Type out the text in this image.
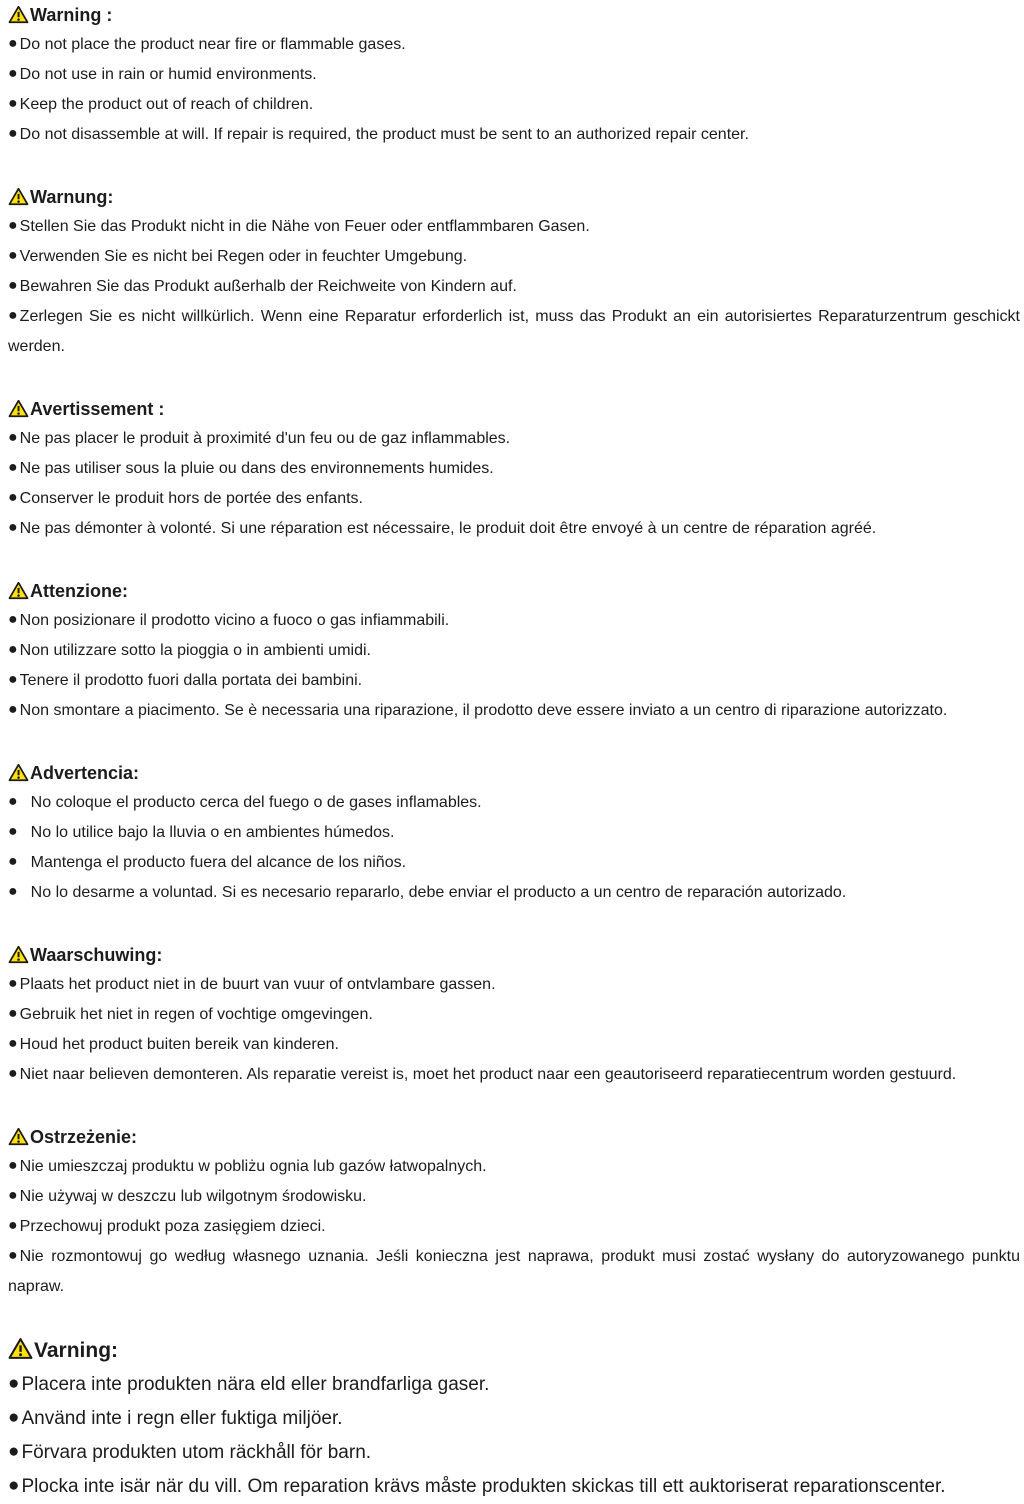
Warning :

● Do not place the product near fire or flammable gases.

● Do not use in rain or humid environments.

● Keep the product out of reach of children.

● Do not disassemble at will. If repair is required, the product must be sent to an authorized repair center.

Warnung:

● Stellen Sie das Produkt nicht in die Nähe von Feuer oder entflammbaren Gasen.

● Verwenden Sie es nicht bei Regen oder in feuchter Umgebung.

● Bewahren Sie das Produkt außerhalb der Reichweite von Kindern auf.

● Zerlegen Sie es nicht willkürlich. Wenn eine Reparatur erforderlich ist, muss das Produkt an ein autorisiertes Reparaturzentrum geschickt werden.

Avertissement :

● Ne pas placer le produit à proximité d'un feu ou de gaz inflammables.

● Ne pas utiliser sous la pluie ou dans des environnements humides.

● Conserver le produit hors de portée des enfants.

● Ne pas démonter à volonté. Si une réparation est nécessaire, le produit doit être envoyé à un centre de réparation agréé.

Attenzione:

● Non posizionare il prodotto vicino a fuoco o gas infiammabili.

● Non utilizzare sotto la pioggia o in ambienti umidi.

● Tenere il prodotto fuori dalla portata dei bambini.

● Non smontare a piacimento. Se è necessaria una riparazione, il prodotto deve essere inviato a un centro di riparazione autorizzato.

Advertencia:

● No coloque el producto cerca del fuego o de gases inflamables.

● No lo utilice bajo la lluvia o en ambientes húmedos.

● Mantenga el producto fuera del alcance de los niños.

● No lo desarme a voluntad. Si es necesario repararlo, debe enviar el producto a un centro de reparación autorizado.

Waarschuwing:

● Plaats het product niet in de buurt van vuur of ontvlambare gassen.

● Gebruik het niet in regen of vochtige omgevingen.

● Houd het product buiten bereik van kinderen.

● Niet naar believen demonteren. Als reparatie vereist is, moet het product naar een geautoriseerd reparatiecentrum worden gestuurd.

Ostrzeżenie:

● Nie umieszczaj produktu w pobliżu ognia lub gazów łatwopalnych.

● Nie używaj w deszczu lub wilgotnym środowisku.

● Przechowuj produkt poza zasięgiem dzieci.

● Nie rozmontowuj go według własnego uznania. Jeśli konieczna jest naprawa, produkt musi zostać wysłany do autoryzowanego punktu napraw.

Varning:

● Placera inte produkten nära eld eller brandfarliga gaser.

● Använd inte i regn eller fuktiga miljöer.

● Förvara produkten utom räckhåll för barn.

● Plocka inte isär när du vill. Om reparation krävs måste produkten skickas till ett auktoriserat reparationscenter.
